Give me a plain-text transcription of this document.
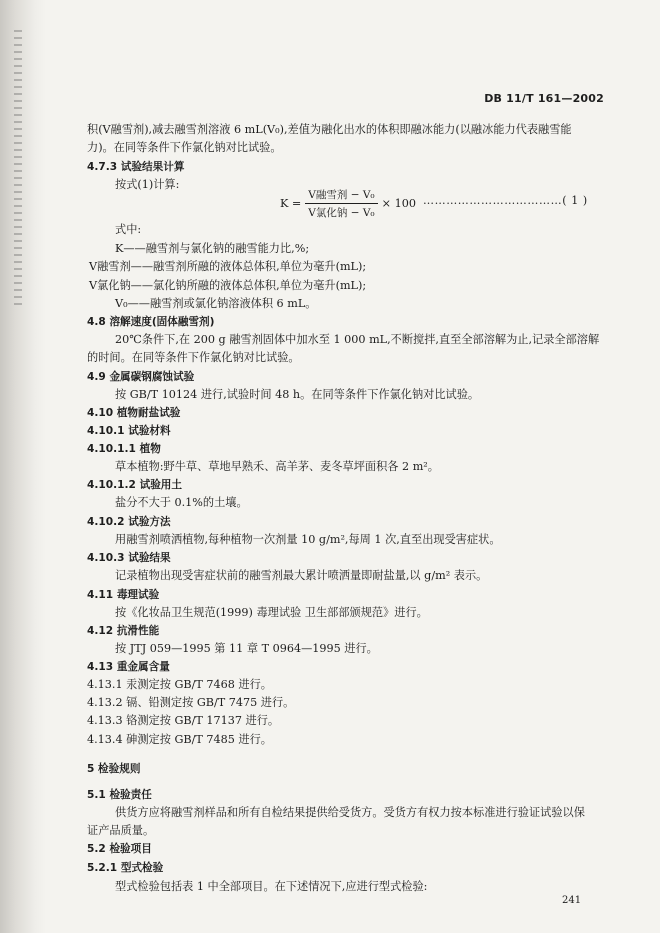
DB 11/T 161—2002
积(V融雪剂),减去融雪剂溶液 6 mL(V₀),差值为融化出水的体积即融冰能力(以融冰能力代表融雪能
力)。在同等条件下作氯化钠对比试验。
4.7.3 试验结果计算
按式(1)计算:
式中:
K——融雪剂与氯化钠的融雪能力比,%;
V融雪剂——融雪剂所融的液体总体积,单位为毫升(mL);
V氯化钠——氯化钠所融的液体总体积,单位为毫升(mL);
V₀——融雪剂或氯化钠溶液体积 6 mL。
4.8 溶解速度(固体融雪剂)
20℃条件下,在 200 g 融雪剂固体中加水至 1 000 mL,不断搅拌,直至全部溶解为止,记录全部溶解
的时间。在同等条件下作氯化钠对比试验。
4.9 金属碳钢腐蚀试验
按 GB/T 10124 进行,试验时间 48 h。在同等条件下作氯化钠对比试验。
4.10 植物耐盐试验
4.10.1 试验材料
4.10.1.1 植物
草本植物:野牛草、草地早熟禾、高羊茅、麦冬草坪面积各 2 m²。
4.10.1.2 试验用土
盐分不大于 0.1%的土壤。
4.10.2 试验方法
用融雪剂喷洒植物,每种植物一次剂量 10 g/m²,每周 1 次,直至出现受害症状。
4.10.3 试验结果
记录植物出现受害症状前的融雪剂最大累计喷洒量即耐盐量,以 g/m² 表示。
4.11 毒理试验
按《化妆品卫生规范(1999) 毒理试验 卫生部部颁规范》进行。
4.12 抗滑性能
按 JTJ 059—1995 第 11 章 T 0964—1995 进行。
4.13 重金属含量
4.13.1 汞测定按 GB/T 7468 进行。
4.13.2 镉、铅测定按 GB/T 7475 进行。
4.13.3 铬测定按 GB/T 17137 进行。
4.13.4 砷测定按 GB/T 7485 进行。
5 检验规则
5.1 检验责任
供货方应将融雪剂样品和所有自检结果提供给受货方。受货方有权力按本标准进行验证试验以保
证产品质量。
5.2 检验项目
5.2.1 型式检验
型式检验包括表 1 中全部项目。在下述情况下,应进行型式检验:
$K = \frac{\text{V融雪剂 − V₀}}{\text{V氯化钠 − V₀}} \times 100$ ………………………………( 1 )
241
